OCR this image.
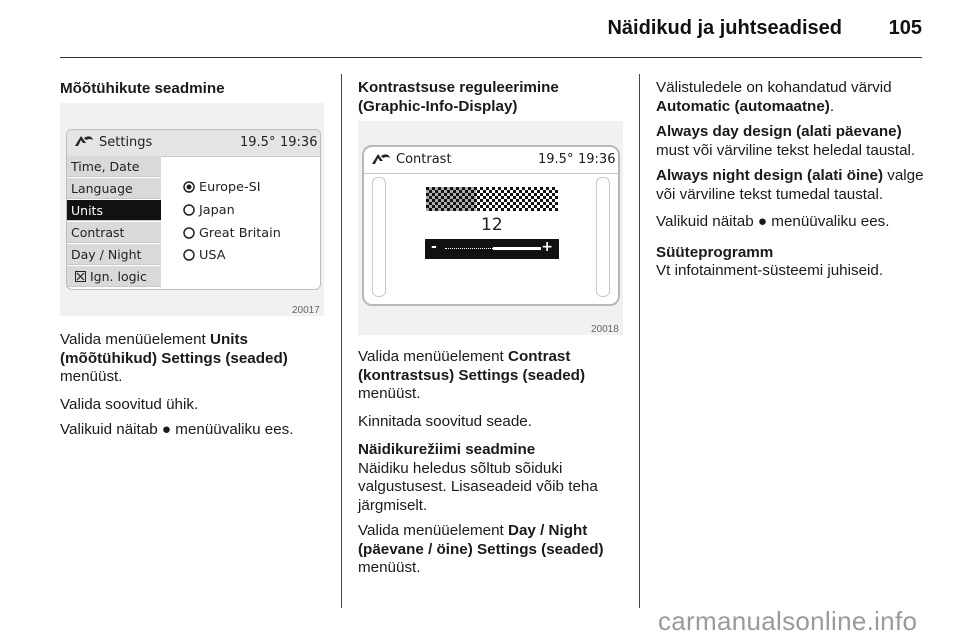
Näidikud ja juhtseadised 105
Mõõtühikute seadmine
Settings	19.5° 19:36
Time, Date
Language
Units
Contrast
Day / Night
Ign. logic
Europe-SI
Japan
Great Britain
USA
20017

Valida menüüelement Units (mõõtühikud) Settings (seaded) menüüst.

Valida soovitud ühik.

Valikuid näitab ● menüüvaliku ees.

Kontrastsuse reguleerimine (Graphic-Info-Display)
Contrast	19.5° 19:36
12
-	+
20018

Valida menüüelement Contrast (kontrastsus) Settings (seaded) menüüst.

Kinnitada soovitud seade.

Näidikurežiimi seadmine

Näidiku heledus sõltub sõiduki valgustusest. Lisaseadeid võib teha järgmiselt.

Valida menüüelement Day / Night (päevane / öine) Settings (seaded) menüüst.

Välistuledele on kohandatud värvid Automatic (automaatne).

Always day design (alati päevane) must või värviline tekst heledal taustal.

Always night design (alati öine) valge või värviline tekst tumedal taustal.

Valikuid näitab ● menüüvaliku ees.

Süüteprogramm

Vt infotainment-süsteemi juhiseid.

carmanualsonline.info
